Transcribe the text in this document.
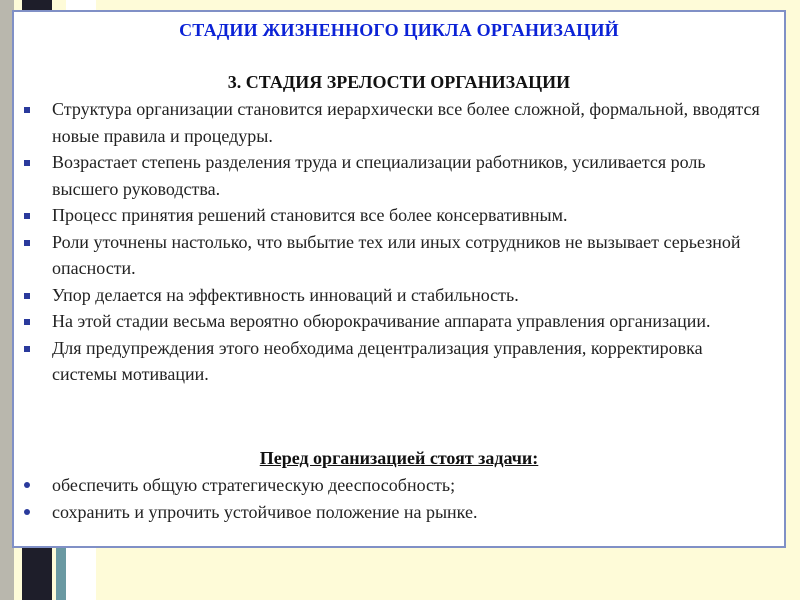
СТАДИИ ЖИЗНЕННОГО ЦИКЛА ОРГАНИЗАЦИЙ
3. СТАДИЯ ЗРЕЛОСТИ ОРГАНИЗАЦИИ
Структура организации становится иерархически все более сложной, формальной, вводятся новые правила и процедуры.
Возрастает степень разделения труда и специализации работников, усиливается роль высшего руководства.
Процесс принятия решений становится все более консервативным.
Роли уточнены настолько, что выбытие тех или иных сотрудников не вызывает серьезной опасности.
Упор делается на эффективность инноваций и стабильность.
На этой стадии весьма вероятно обюрокрачивание аппарата управления организации.
Для предупреждения этого необходима децентрализация управления, корректировка системы мотивации.
Перед организацией стоят задачи:
обеспечить общую стратегическую дееспособность;
сохранить и упрочить устойчивое положение на рынке.
